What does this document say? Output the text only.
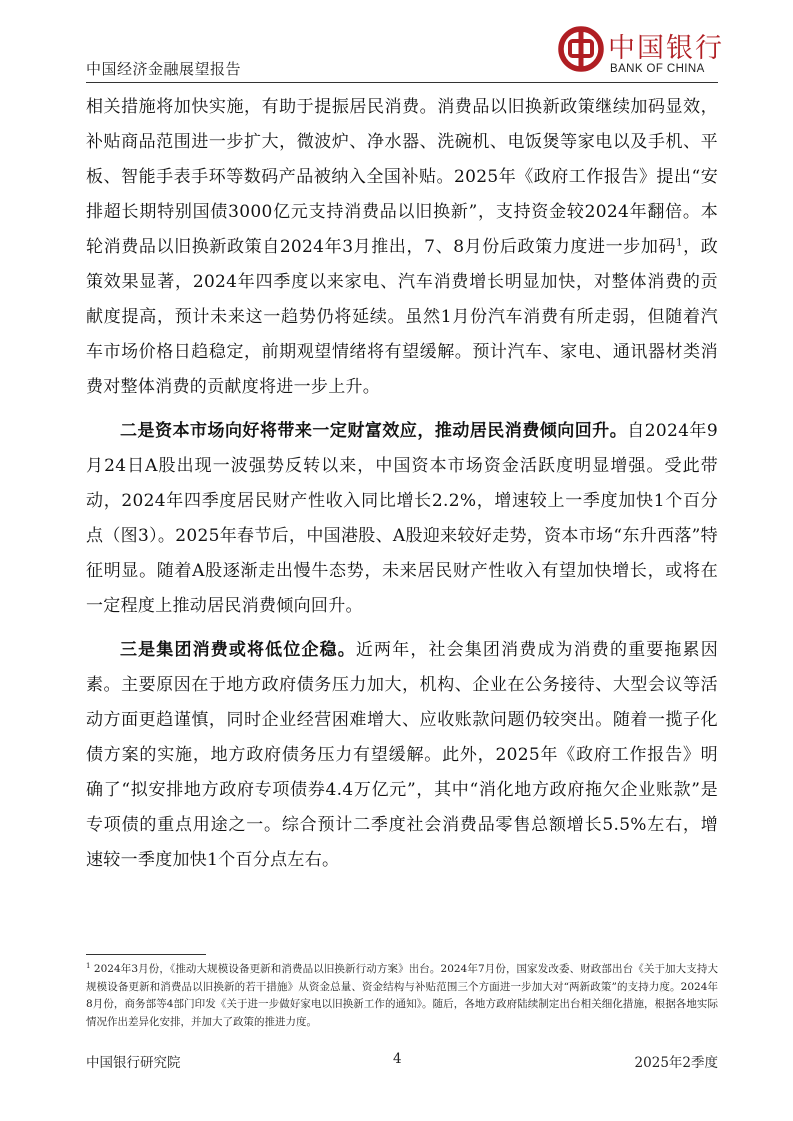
中国经济金融展望报告
中国银行
BANK OF CHINA

相关措施将加快实施，有助于提振居民消费。消费品以旧换新政策继续加码显效，补贴商品范围进一步扩大，微波炉、净水器、洗碗机、电饭煲等家电以及手机、平板、智能手表手环等数码产品被纳入全国补贴。2025年《政府工作报告》提出“安排超长期特别国债3000亿元支持消费品以旧换新”，支持资金较2024年翻倍。本轮消费品以旧换新政策自2024年3月推出，7、8月份后政策力度进一步加码$^1$，政策效果显著，2024年四季度以来家电、汽车消费增长明显加快，对整体消费的贡献度提高，预计未来这一趋势仍将延续。虽然1月份汽车消费有所走弱，但随着汽车市场价格日趋稳定，前期观望情绪将有望缓解。预计汽车、家电、通讯器材类消费对整体消费的贡献度将进一步上升。

二是资本市场向好将带来一定财富效应，推动居民消费倾向回升。自2024年9月24日A股出现一波强势反转以来，中国资本市场资金活跃度明显增强。受此带动，2024年四季度居民财产性收入同比增长2.2%，增速较上一季度加快1个百分点（图3）。2025年春节后，中国港股、A股迎来较好走势，资本市场“东升西落”特征明显。随着A股逐渐走出慢牛态势，未来居民财产性收入有望加快增长，或将在一定程度上推动居民消费倾向回升。

三是集团消费或将低位企稳。近两年，社会集团消费成为消费的重要拖累因素。主要原因在于地方政府债务压力加大，机构、企业在公务接待、大型会议等活动方面更趋谨慎，同时企业经营困难增大、应收账款问题仍较突出。随着一揽子化债方案的实施，地方政府债务压力有望缓解。此外，2025年《政府工作报告》明确了“拟安排地方政府专项债券4.4万亿元”，其中“消化地方政府拖欠企业账款”是专项债的重点用途之一。综合预计二季度社会消费品零售总额增长5.5%左右，增速较一季度加快1个百分点左右。

$^1$ 2024年3月份，《推动大规模设备更新和消费品以旧换新行动方案》出台。2024年7月份，国家发改委、财政部出台《关于加大支持大规模设备更新和消费品以旧换新的若干措施》从资金总量、资金结构与补贴范围三个方面进一步加大对“两新政策”的支持力度。2024年8月份，商务部等4部门印发《关于进一步做好家电以旧换新工作的通知》。随后，各地方政府陆续制定出台相关细化措施，根据各地实际情况作出差异化安排，并加大了政策的推进力度。
中国银行研究院	4	2025年2季度
